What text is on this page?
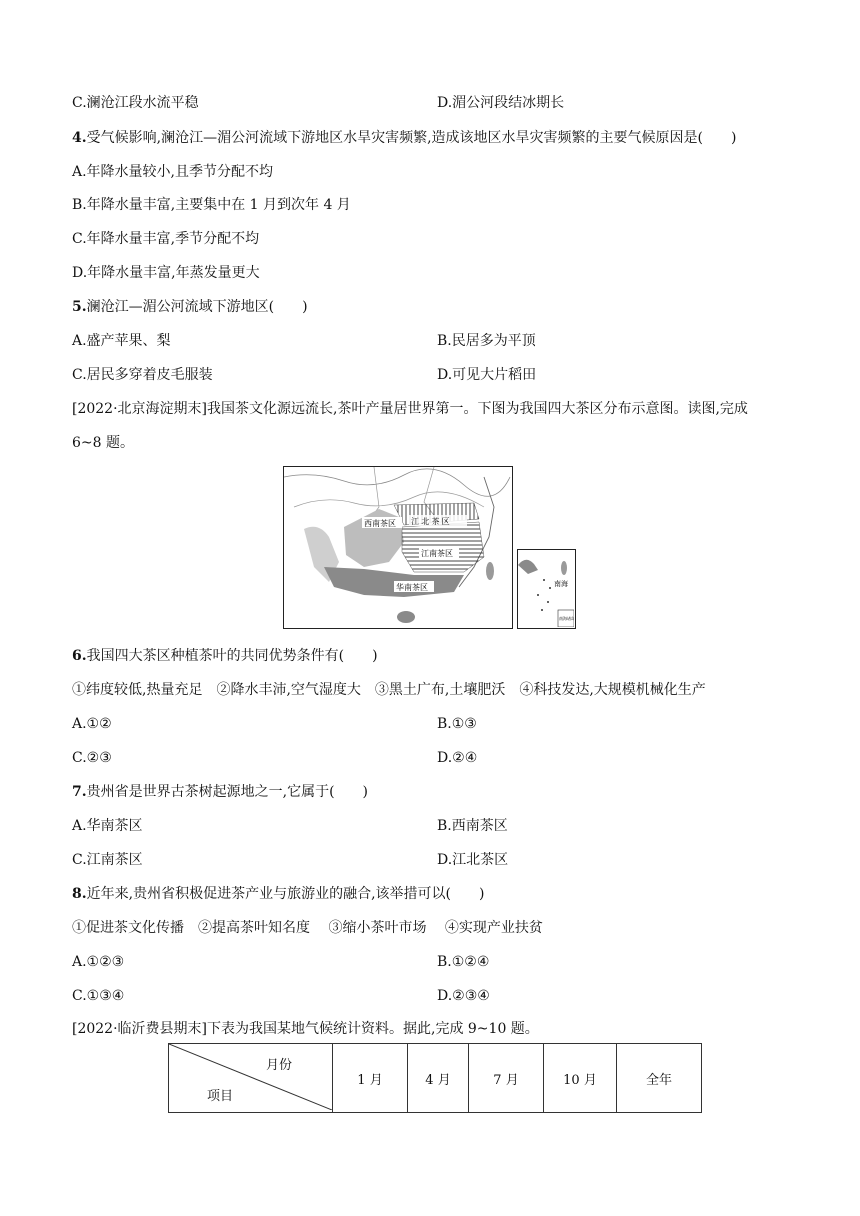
C.澜沧江段水流平稳	D.湄公河段结冰期长
4.受气候影响,澜沧江—湄公河流域下游地区水旱灾害频繁,造成该地区水旱灾害频繁的主要气候原因是(　　)
A.年降水量较小,且季节分配不均
B.年降水量丰富,主要集中在 1 月到次年 4 月
C.年降水量丰富,季节分配不均
D.年降水量丰富,年蒸发量更大
5.澜沧江—湄公河流域下游地区(　　)
A.盛产苹果、梨	B.民居多为平顶
C.居民多穿着皮毛服装	D.可见大片稻田
[2022·北京海淀期末]我国茶文化源远流长,茶叶产量居世界第一。下图为我国四大茶区分布示意图。读图,完成
6~8 题。
西南茶区 江 北 茶 区
江南茶区
华南茶区	南海
南海诸岛
6.我国四大茶区种植茶叶的共同优势条件有(　　)
①纬度较低,热量充足　②降水丰沛,空气湿度大　③黑土广布,土壤肥沃　④科技发达,大规模机械化生产
A.①②	B.①③
C.②③	D.②④
7.贵州省是世界古茶树起源地之一,它属于(　　)
A.华南茶区	B.西南茶区
C.江南茶区	D.江北茶区
8.近年来,贵州省积极促进茶产业与旅游业的融合,该举措可以(　　)
①促进茶文化传播　②提高茶叶知名度　 ③缩小茶叶市场　 ④实现产业扶贫
A.①②③	B.①②④
C.①③④	D.②③④
[2022·临沂费县期末]下表为我国某地气候统计资料。据此,完成 9~10 题。
月份
项目
	1 月	4 月	7 月	10 月	全年
